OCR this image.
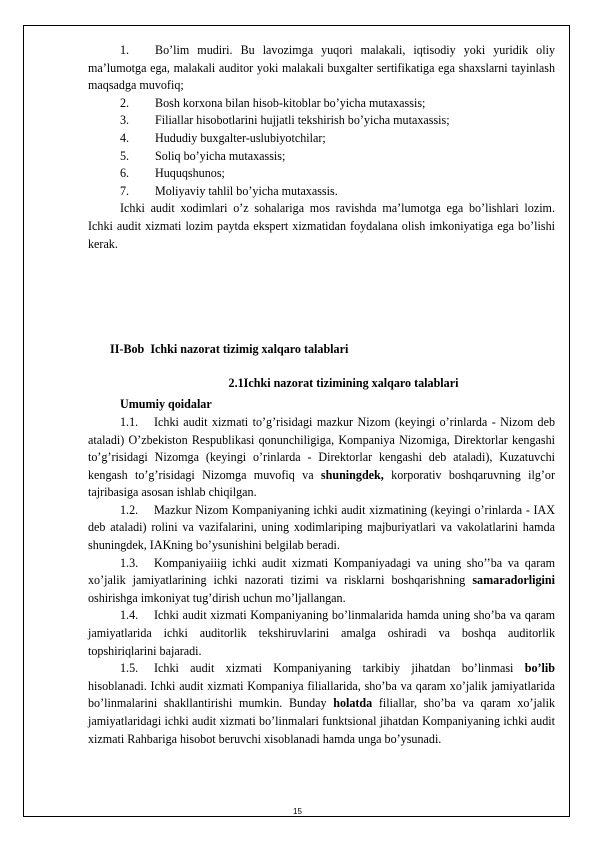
1. Bo’lim mudiri. Bu lavozimga yuqori malakali, iqtisodiy yoki yuridik oliy ma’lumotga ega, malakali auditor yoki malakali buxgalter sertifikatiga ega shaxslarni tayinlash maqsadga muvofiq;
2. Bosh korxona bilan hisob-kitoblar bo’yicha mutaxassis;
3. Filiallar hisobotlarini hujjatli tekshirish bo’yicha mutaxassis;
4. Hududiy buxgalter-uslubiyotchilar;
5. Soliq bo’yicha mutaxassis;
6. Huquqshunos;
7. Moliyaviy tahlil bo’yicha mutaxassis.

Ichki audit xodimlari o’z sohalariga mos ravishda ma’lumotga ega bo’lishlari lozim. Ichki audit xizmati lozim paytda ekspert xizmatidan foydalana olish imkoniyatiga ega bo’lishi kerak.

II-Bob Ichki nazorat tizimig xalqaro talablari

2.1Ichki nazorat tizimining xalqaro talablari

Umumiy qoidalar

1.1. Ichki audit xizmati to’g’risidagi mazkur Nizom (keyingi o’rinlarda - Nizom deb ataladi) O’zbekiston Respublikasi qonunchiligiga, Kompaniya Nizomiga, Direktorlar kengashi to’g’risidagi Nizomga (keyingi o’rinlarda - Direktorlar kengashi deb ataladi), Kuzatuvchi kengash to’g’risidagi Nizomga muvofiq va shuningdek, korporativ boshqaruvning ilg’or tajribasiga asosan ishlab chiqilgan.

1.2. Mazkur Nizom Kompaniyaning ichki audit xizmatining (keyingi o’rinlarda - IAX deb ataladi) rolini va vazifalarini, uning xodimlariping majburiyatlari va vakolatlarini hamda shuningdek, IAKning bo’ysunishini belgilab beradi.

1.3. Kompaniyaiiig ichki audit xizmati Kompaniyadagi va uning sho’’ba va qaram xo’jalik jamiyatlarining ichki nazorati tizimi va risklarni boshqarishning samaradorligini oshirishga imkoniyat tug’dirish uchun mo’ljallangan.

1.4. Ichki audit xizmati Kompaniyaning bo’linmalarida hamda uning sho’ba va qaram jamiyatlarida ichki auditorlik tekshiruvlarini amalga oshiradi va boshqa auditorlik topshiriqlarini bajaradi.

1.5. Ichki audit xizmati Kompaniyaning tarkibiy jihatdan bo’linmasi bo’lib hisoblanadi. Ichki audit xizmati Kompaniya filiallarida, sho’ba va qaram xo’jalik jamiyatlarida bo’linmalarini shakllantirishi mumkin. Bunday holatda filiallar, sho’ba va qaram xo’jalik jamiyatlaridagi ichki audit xizmati bo’linmalari funktsional jihatdan Kompaniyaning ichki audit xizmati Rahbariga hisobot beruvchi xisoblanadi hamda unga bo’ysunadi.

15
